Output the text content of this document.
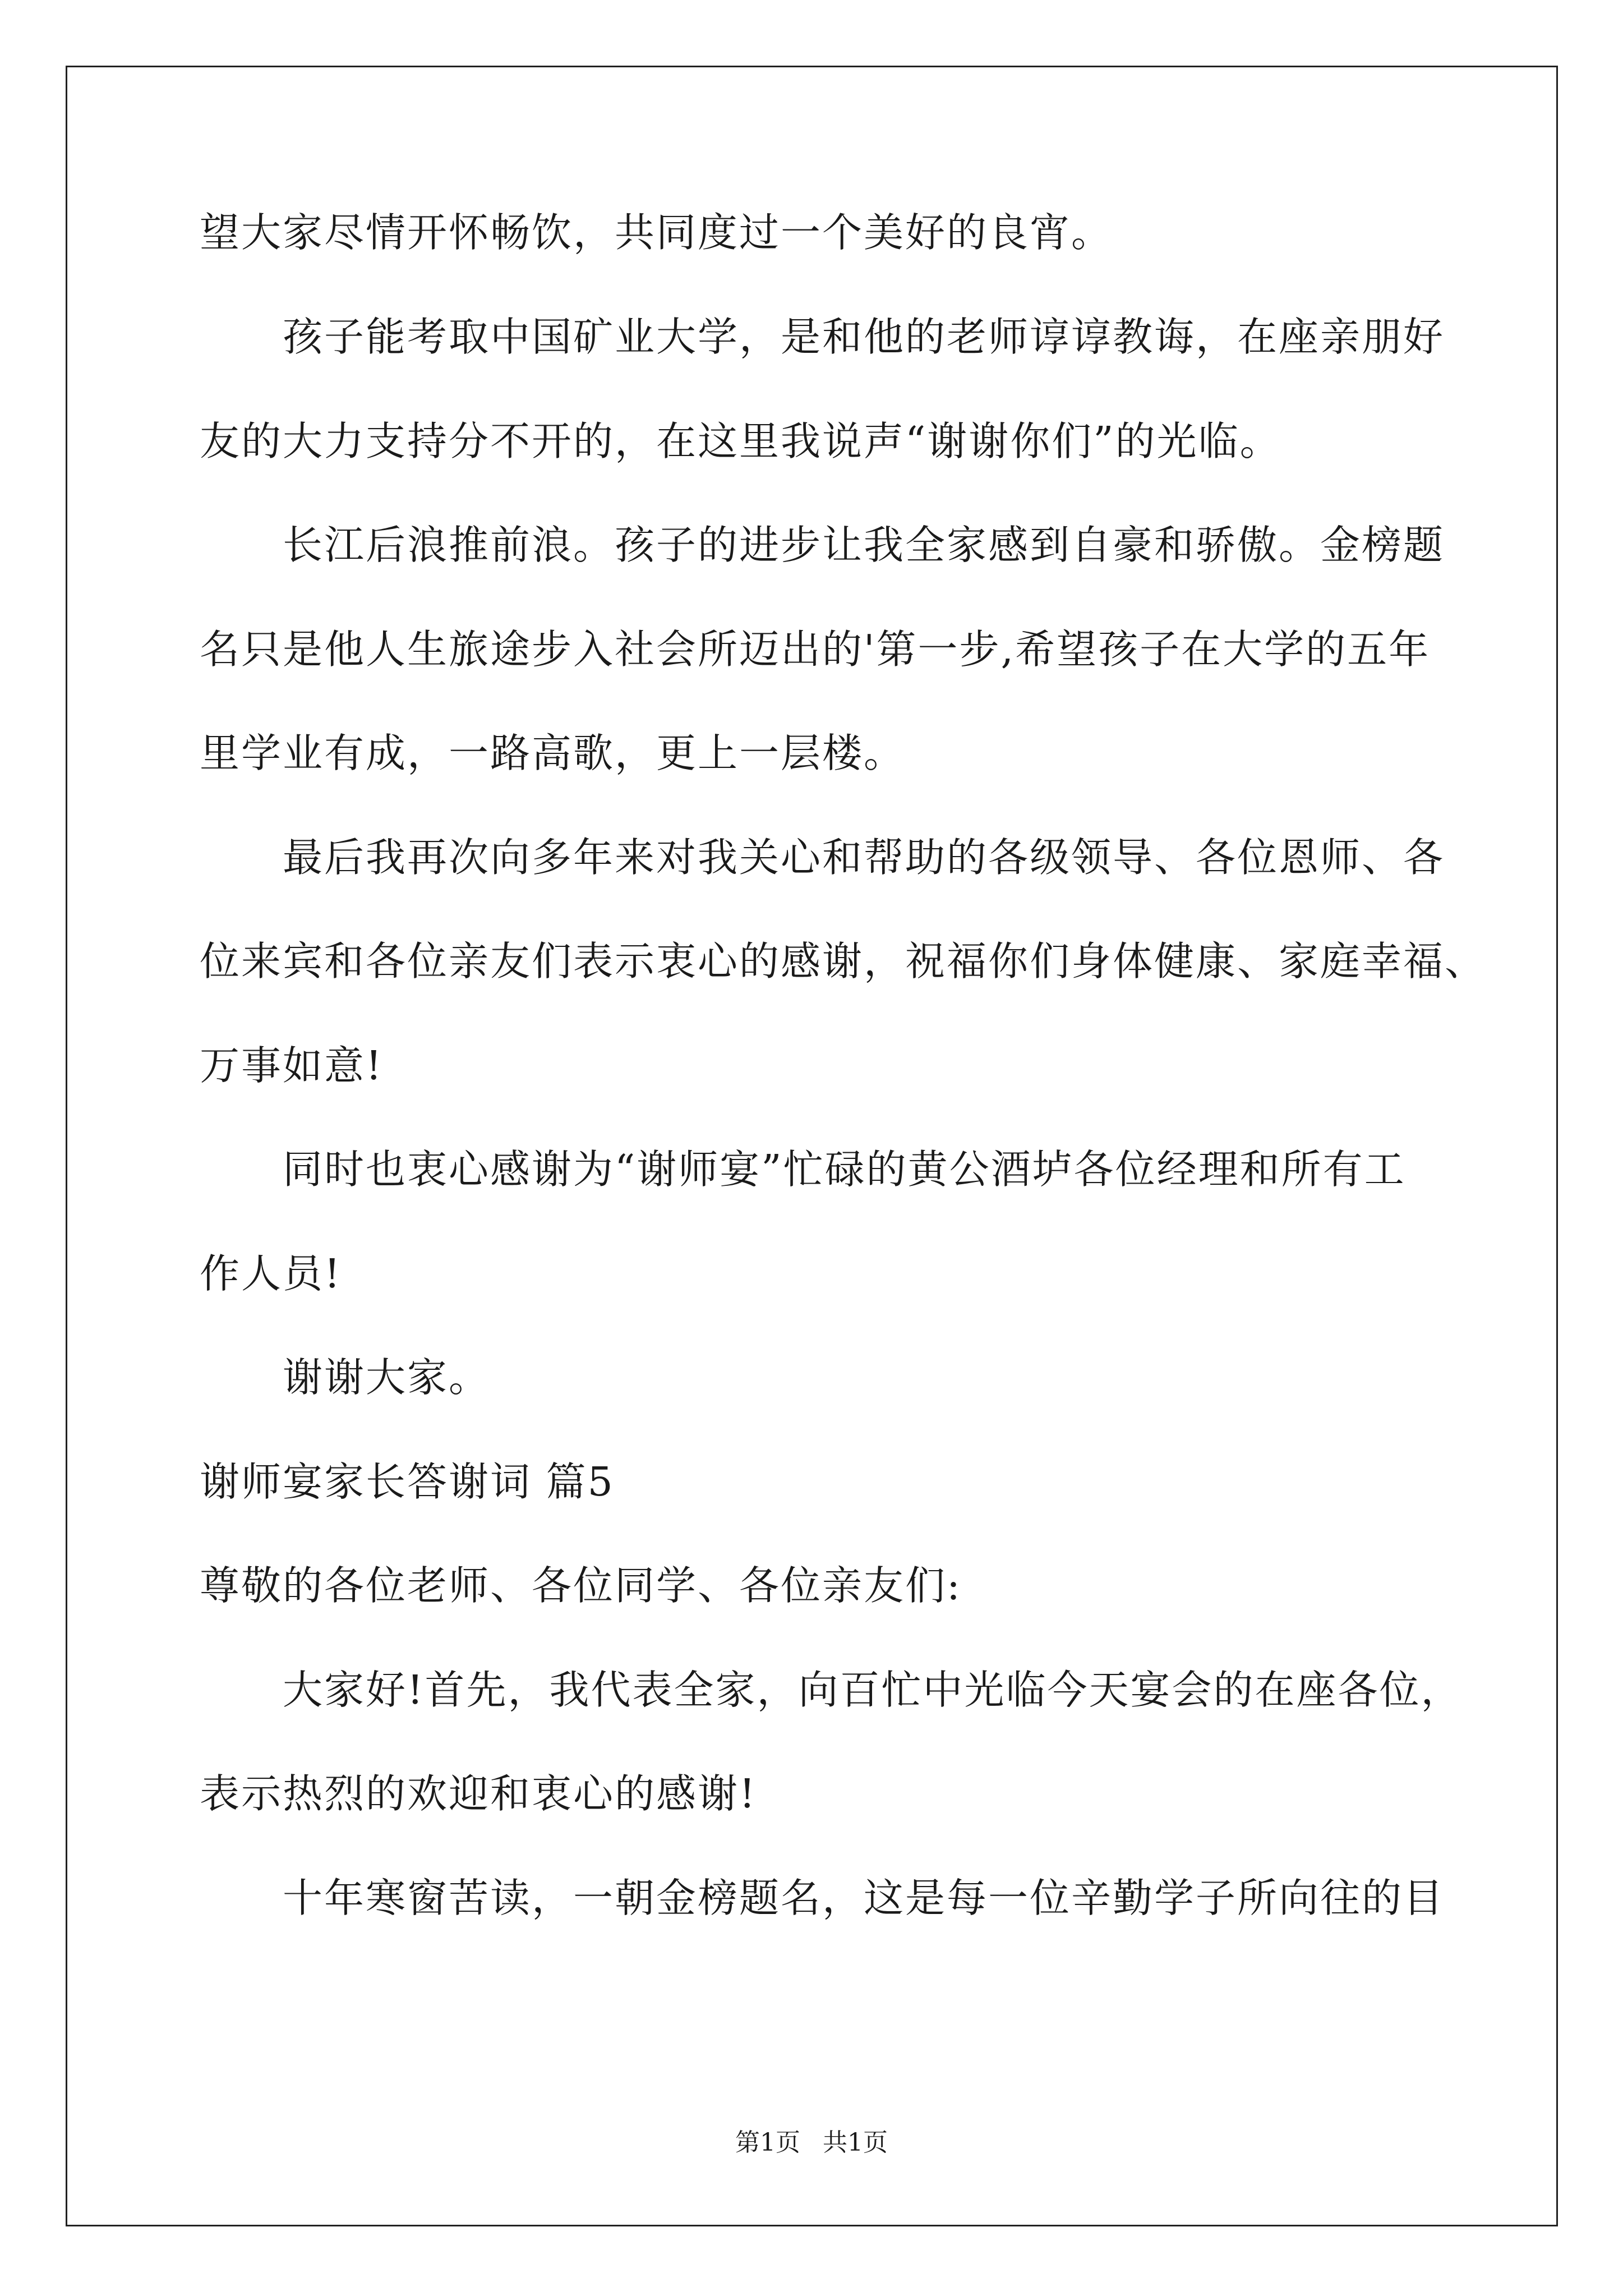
望大家尽情开怀畅饮，共同度过一个美好的良宵。
孩子能考取中国矿业大学，是和他的老师谆谆教诲，在座亲朋好
友的大力支持分不开的，在这里我说声“谢谢你们”的光临。
长江后浪推前浪。孩子的进步让我全家感到自豪和骄傲。金榜题
名只是他人生旅途步入社会所迈出的'第一步,希望孩子在大学的五年
里学业有成，一路高歌，更上一层楼。
最后我再次向多年来对我关心和帮助的各级领导、各位恩师、各
位来宾和各位亲友们表示衷心的感谢，祝福你们身体健康、家庭幸福、
万事如意!
同时也衷心感谢为“谢师宴”忙碌的黄公酒垆各位经理和所有工
作人员!
谢谢大家。
谢师宴家长答谢词 篇5
尊敬的各位老师、各位同学、各位亲友们:
大家好!首先，我代表全家，向百忙中光临今天宴会的在座各位，
表示热烈的欢迎和衷心的感谢!
十年寒窗苦读，一朝金榜题名，这是每一位辛勤学子所向往的目
第1页 共1页
